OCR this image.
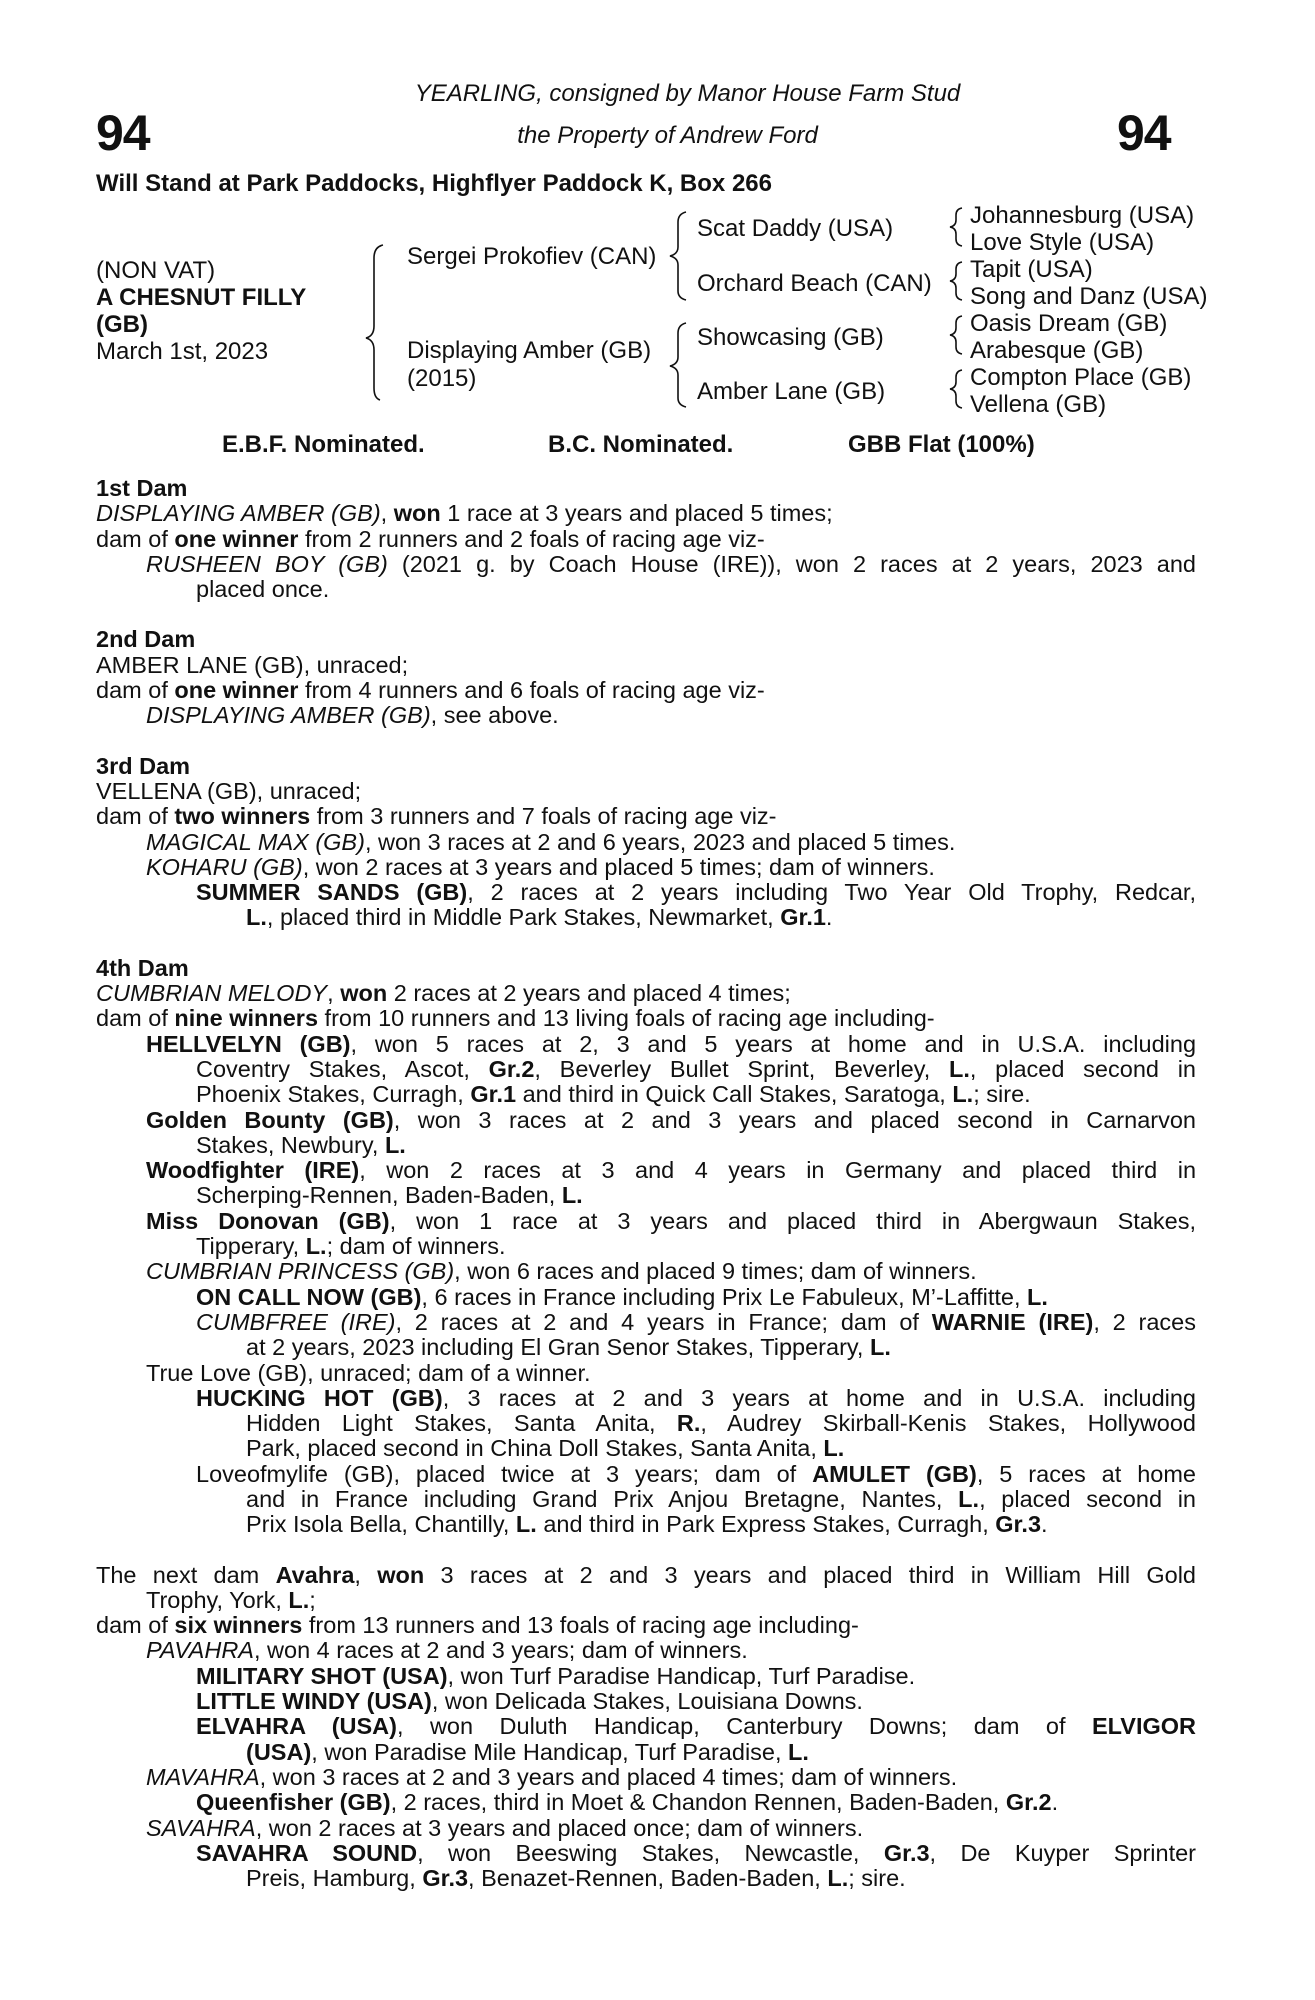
94	94
YEARLING, consigned by Manor House Farm Stud
the Property of Andrew Ford
Will Stand at Park Paddocks, Highflyer Paddock K, Box 266
(NON VAT)
A CHESNUT FILLY
(GB)
March 1st, 2023
Sergei Prokofiev (CAN)
Displaying Amber (GB)
(2015)
Scat Daddy (USA)
Orchard Beach (CAN)
Showcasing (GB)
Amber Lane (GB)
Johannesburg (USA)
Love Style (USA)
Tapit (USA)
Song and Danz (USA)
Oasis Dream (GB)
Arabesque (GB)
Compton Place (GB)
Vellena (GB)
E.B.F. Nominated.	B.C. Nominated.	GBB Flat (100%)
1st Dam
DISPLAYING AMBER (GB), won 1 race at 3 years and placed 5 times;
dam of one winner from 2 runners and 2 foals of racing age viz-
RUSHEEN BOY (GB) (2021 g. by Coach House (IRE)), won 2 races at 2 years, 2023 and
placed once.
2nd Dam
AMBER LANE (GB), unraced;
dam of one winner from 4 runners and 6 foals of racing age viz-
DISPLAYING AMBER (GB), see above.
3rd Dam
VELLENA (GB), unraced;
dam of two winners from 3 runners and 7 foals of racing age viz-
MAGICAL MAX (GB), won 3 races at 2 and 6 years, 2023 and placed 5 times.
KOHARU (GB), won 2 races at 3 years and placed 5 times; dam of winners.
SUMMER SANDS (GB), 2 races at 2 years including Two Year Old Trophy, Redcar,
L., placed third in Middle Park Stakes, Newmarket, Gr.1.
4th Dam
CUMBRIAN MELODY, won 2 races at 2 years and placed 4 times;
dam of nine winners from 10 runners and 13 living foals of racing age including-
HELLVELYN (GB), won 5 races at 2, 3 and 5 years at home and in U.S.A. including
Coventry Stakes, Ascot, Gr.2, Beverley Bullet Sprint, Beverley, L., placed second in
Phoenix Stakes, Curragh, Gr.1 and third in Quick Call Stakes, Saratoga, L.; sire.
Golden Bounty (GB), won 3 races at 2 and 3 years and placed second in Carnarvon
Stakes, Newbury, L.
Woodfighter (IRE), won 2 races at 3 and 4 years in Germany and placed third in
Scherping-Rennen, Baden-Baden, L.
Miss Donovan (GB), won 1 race at 3 years and placed third in Abergwaun Stakes,
Tipperary, L.; dam of winners.
CUMBRIAN PRINCESS (GB), won 6 races and placed 9 times; dam of winners.
ON CALL NOW (GB), 6 races in France including Prix Le Fabuleux, M’-Laffitte, L.
CUMBFREE (IRE), 2 races at 2 and 4 years in France; dam of WARNIE (IRE), 2 races
at 2 years, 2023 including El Gran Senor Stakes, Tipperary, L.
True Love (GB), unraced; dam of a winner.
HUCKING HOT (GB), 3 races at 2 and 3 years at home and in U.S.A. including
Hidden Light Stakes, Santa Anita, R., Audrey Skirball-Kenis Stakes, Hollywood
Park, placed second in China Doll Stakes, Santa Anita, L.
Loveofmylife (GB), placed twice at 3 years; dam of AMULET (GB), 5 races at home
and in France including Grand Prix Anjou Bretagne, Nantes, L., placed second in
Prix Isola Bella, Chantilly, L. and third in Park Express Stakes, Curragh, Gr.3.
The next dam Avahra, won 3 races at 2 and 3 years and placed third in William Hill Gold
Trophy, York, L.;
dam of six winners from 13 runners and 13 foals of racing age including-
PAVAHRA, won 4 races at 2 and 3 years; dam of winners.
MILITARY SHOT (USA), won Turf Paradise Handicap, Turf Paradise.
LITTLE WINDY (USA), won Delicada Stakes, Louisiana Downs.
ELVAHRA (USA), won Duluth Handicap, Canterbury Downs; dam of ELVIGOR
(USA), won Paradise Mile Handicap, Turf Paradise, L.
MAVAHRA, won 3 races at 2 and 3 years and placed 4 times; dam of winners.
Queenfisher (GB), 2 races, third in Moet & Chandon Rennen, Baden-Baden, Gr.2.
SAVAHRA, won 2 races at 3 years and placed once; dam of winners.
SAVAHRA SOUND, won Beeswing Stakes, Newcastle, Gr.3, De Kuyper Sprinter
Preis, Hamburg, Gr.3, Benazet-Rennen, Baden-Baden, L.; sire.
